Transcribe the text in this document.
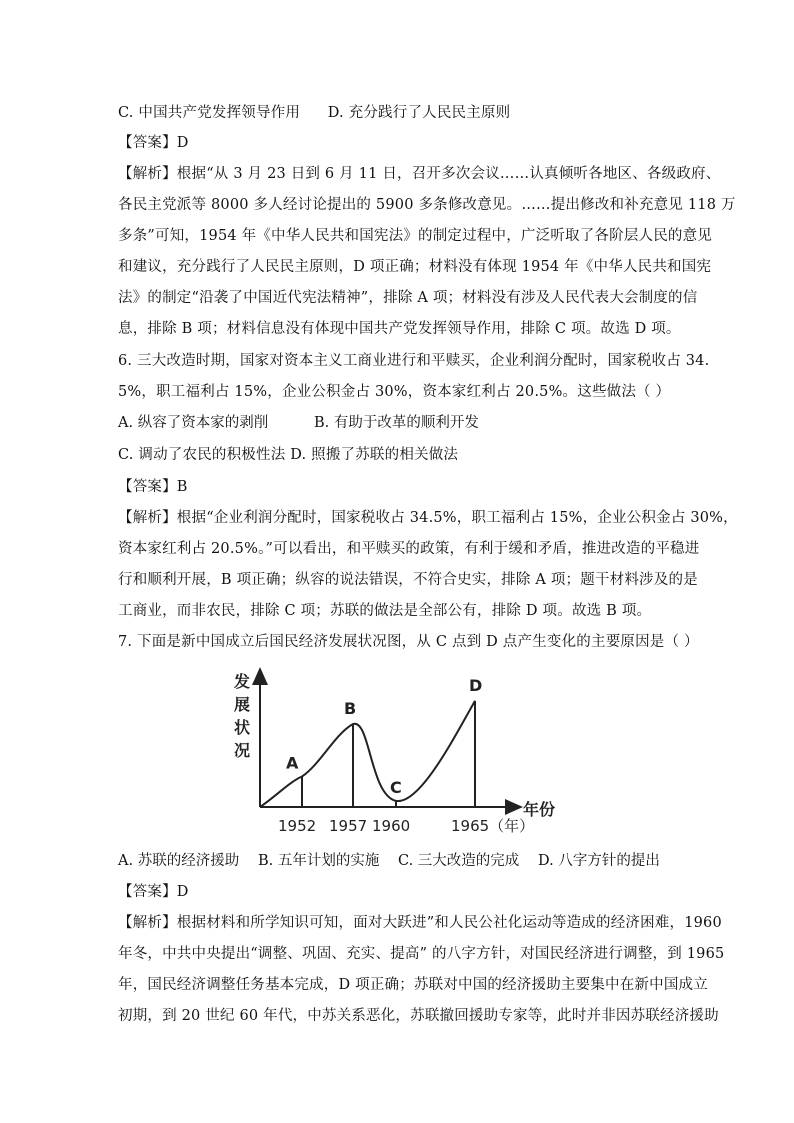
C. 中国共产党发挥领导作用 D. 充分践行了人民民主原则
【答案】D
【解析】根据“从 3 月 23 日到 6 月 11 日，召开多次会议……认真倾听各地区、各级政府、
各民主党派等 8000 多人经讨论提出的 5900 多条修改意见。……提出修改和补充意见 118 万
多条”可知，1954 年《中华人民共和国宪法》的制定过程中，广泛听取了各阶层人民的意见
和建议，充分践行了人民民主原则，D 项正确；材料没有体现 1954 年《中华人民共和国宪
法》的制定“沿袭了中国近代宪法精神”，排除 A 项；材料没有涉及人民代表大会制度的信
息，排除 B 项；材料信息没有体现中国共产党发挥领导作用，排除 C 项。故选 D 项。
6. 三大改造时期，国家对资本主义工商业进行和平赎买，企业利润分配时，国家税收占 34.
5%，职工福利占 15%，企业公积金占 30%，资本家红利占 20.5%。这些做法（ ）
A. 纵容了资本家的剥削	B. 有助于改革的顺利开发
C. 调动了农民的积极性法 D. 照搬了苏联的相关做法
【答案】B
【解析】根据“企业利润分配时，国家税收占 34.5%，职工福利占 15%，企业公积金占 30%，
资本家红利占 20.5%。”可以看出，和平赎买的政策，有利于缓和矛盾，推进改造的平稳进
行和顺利开展，B 项正确；纵容的说法错误，不符合史实，排除 A 项；题干材料涉及的是
工商业，而非农民，排除 C 项；苏联的做法是全部公有，排除 D 项。故选 B 项。
7. 下面是新中国成立后国民经济发展状况图，从 C 点到 D 点产生变化的主要原因是（ ）
发
展
状
况
年份
A
B
C
D
1952 1957 1960	1965（年）
A. 苏联的经济援助 B. 五年计划的实施 C. 三大改造的完成 D. 八字方针的提出
【答案】D
【解析】根据材料和所学知识可知，面对大跃进”和人民公社化运动等造成的经济困难，1960
年冬，中共中央提出“调整、巩固、充实、提高” 的八字方针，对国民经济进行调整，到 1965
年，国民经济调整任务基本完成，D 项正确；苏联对中国的经济援助主要集中在新中国成立
初期，到 20 世纪 60 年代，中苏关系恶化，苏联撤回援助专家等，此时并非因苏联经济援助
